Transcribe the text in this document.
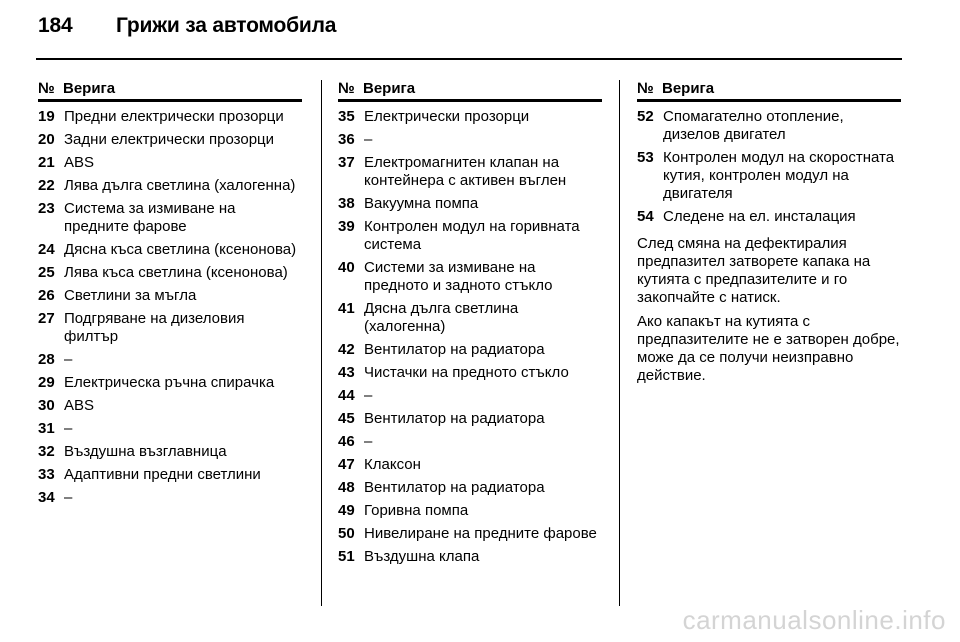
184	Грижи за автомобила
№ Верига
19 Предни електрически прозорци
20 Задни електрически прозорци
21 ABS
22 Лява дълга светлина (халогенна)
23 Система за измиване на предните фарове
24 Дясна къса светлина (ксенонова)
25 Лява къса светлина (ксенонова)
26 Светлини за мъгла
27 Подгряване на дизеловия филтър
28 –
29 Електрическа ръчна спирачка
30 ABS
31 –
32 Въздушна възглавница
33 Адаптивни предни светлини
34 –
№ Верига
35 Електрически прозорци
36 –
37 Електромагнитен клапан на контейнера с активен въглен
38 Вакуумна помпа
39 Контролен модул на горивната система
40 Системи за измиване на предното и задното стъкло
41 Дясна дълга светлина (халогенна)
42 Вентилатор на радиатора
43 Чистачки на предното стъкло
44 –
45 Вентилатор на радиатора
46 –
47 Клаксон
48 Вентилатор на радиатора
49 Горивна помпа
50 Нивелиране на предните фарове
51 Въздушна клапа
№ Верига
52 Спомагателно отопление, дизелов двигател
53 Контролен модул на скоростната кутия, контролен модул на двигателя
54 Следене на ел. инсталация
След смяна на дефектиралия предпазител затворете капака на кутията с предпазителите и го закопчайте с натиск.
Ако капакът на кутията с предпазителите не е затворен добре, може да се получи неизправно действие.
carmanualsonline.info
